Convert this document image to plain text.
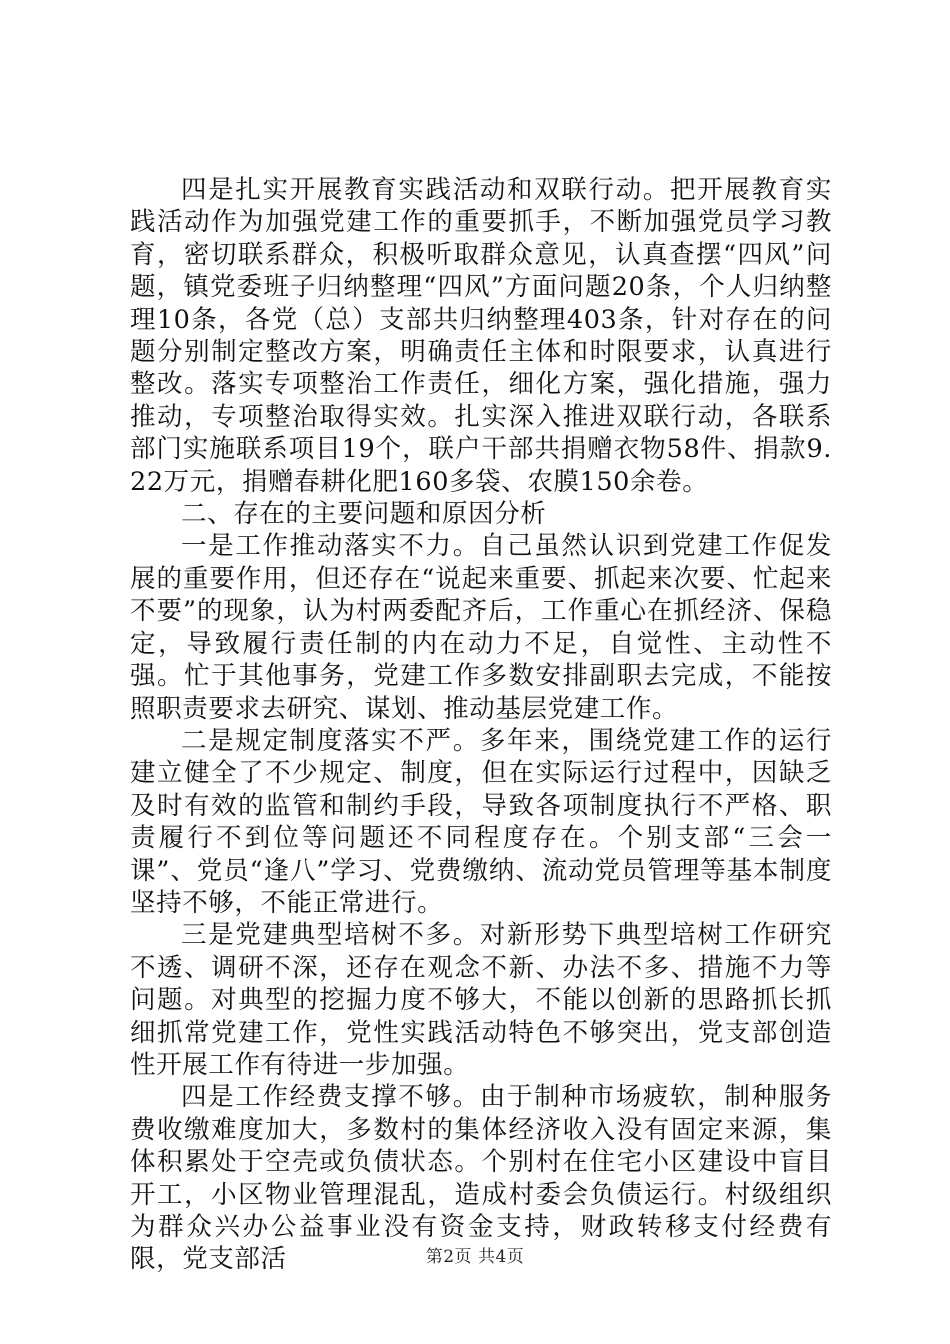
四是扎实开展教育实践活动和双联行动。把开展教育实践活动作为加强党建工作的重要抓手，不断加强党员学习教育，密切联系群众，积极听取群众意见，认真查摆“四风”问题，镇党委班子归纳整理“四风”方面问题20条，个人归纳整理10条，各党（总）支部共归纳整理403条，针对存在的问题分别制定整改方案，明确责任主体和时限要求，认真进行整改。落实专项整治工作责任，细化方案，强化措施，强力推动，专项整治取得实效。扎实深入推进双联行动，各联系部门实施联系项目19个，联户干部共捐赠衣物58件、捐款9.22万元，捐赠春耕化肥160多袋、农膜150余卷。

二、存在的主要问题和原因分析

一是工作推动落实不力。自己虽然认识到党建工作促发展的重要作用，但还存在“说起来重要、抓起来次要、忙起来不要”的现象，认为村两委配齐后，工作重心在抓经济、保稳定，导致履行责任制的内在动力不足，自觉性、主动性不强。忙于其他事务，党建工作多数安排副职去完成，不能按照职责要求去研究、谋划、推动基层党建工作。

二是规定制度落实不严。多年来，围绕党建工作的运行建立健全了不少规定、制度，但在实际运行过程中，因缺乏及时有效的监管和制约手段，导致各项制度执行不严格、职责履行不到位等问题还不同程度存在。个别支部“三会一课”、党员“逢八”学习、党费缴纳、流动党员管理等基本制度坚持不够，不能正常进行。

三是党建典型培树不多。对新形势下典型培树工作研究不透、调研不深，还存在观念不新、办法不多、措施不力等问题。对典型的挖掘力度不够大，不能以创新的思路抓长抓细抓常党建工作，党性实践活动特色不够突出，党支部创造性开展工作有待进一步加强。

四是工作经费支撑不够。由于制种市场疲软，制种服务费收缴难度加大，多数村的集体经济收入没有固定来源，集体积累处于空壳或负债状态。个别村在住宅小区建设中盲目开工，小区物业管理混乱，造成村委会负债运行。村级组织为群众兴办公益事业没有资金支持，财政转移支付经费有限，党支部活	第2页 共4页
